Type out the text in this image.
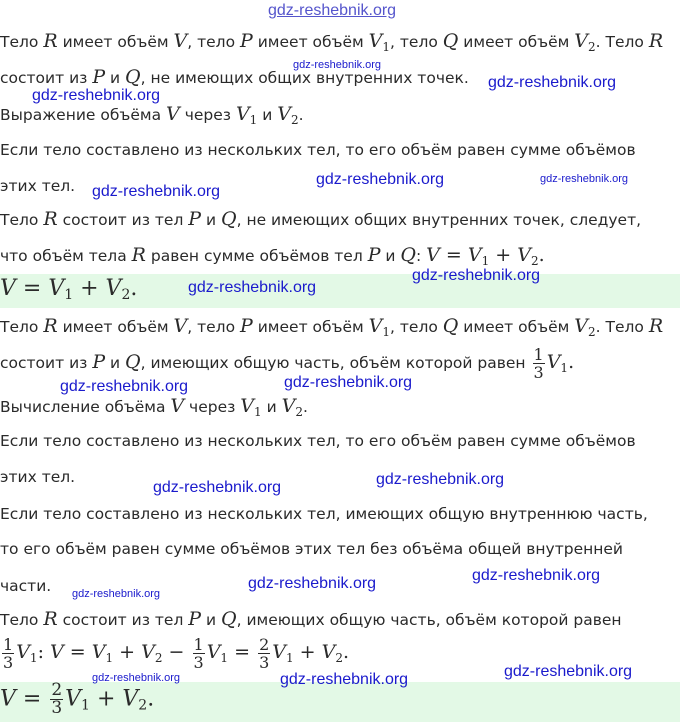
Тело R имеет объём V, тело P имеет объём $V_1$, тело Q имеет объём $V_2$. Тело R
состоит из P и Q, не имеющих общих внутренних точек.
Выражение объёма V через $V_1$ и $V_2$.
Если тело составлено из нескольких тел, то его объём равен сумме объёмов
этих тел.
Тело R состоит из тел P и Q, не имеющих общих внутренних точек, следует,
что объём тела R равен сумме объёмов тел P и Q: $V = V_1 + V_2$.
$V = V_1 + V_2$.
Тело R имеет объём V, тело P имеет объём $V_1$, тело Q имеет объём $V_2$. Тело R
состоит из P и Q, имеющих общую часть, объём которой равен $\frac{1}{3} V_1$.
Вычисление объёма V через $V_1$ и $V_2$.
Если тело составлено из нескольких тел, то его объём равен сумме объёмов
этих тел.
Если тело составлено из нескольких тел, имеющих общую внутреннюю часть,
то его объём равен сумме объёмов этих тел без объёма общей внутренней
части.
Тело R состоит из тел P и Q, имеющих общую часть, объём которой равен
$\frac{1}{3} V_1$: $V = V_1 + V_2 - \frac{1}{3} V_1 = \frac{2}{3} V_1 + V_2$.
$V = \frac{2}{3} V_1 + V_2$.
gdz-reshebnik.org
gdz-reshebnik.org
gdz-reshebnik.org
gdz-reshebnik.org
gdz-reshebnik.org	gdz-reshebnik.org
gdz-reshebnik.org
gdz-reshebnik.org
gdz-reshebnik.org
gdz-reshebnik.org
gdz-reshebnik.org
gdz-reshebnik.org
gdz-reshebnik.org
gdz-reshebnik.org
gdz-reshebnik.org
gdz-reshebnik.org
gdz-reshebnik.org
gdz-reshebnik.org	gdz-reshebnik.org
